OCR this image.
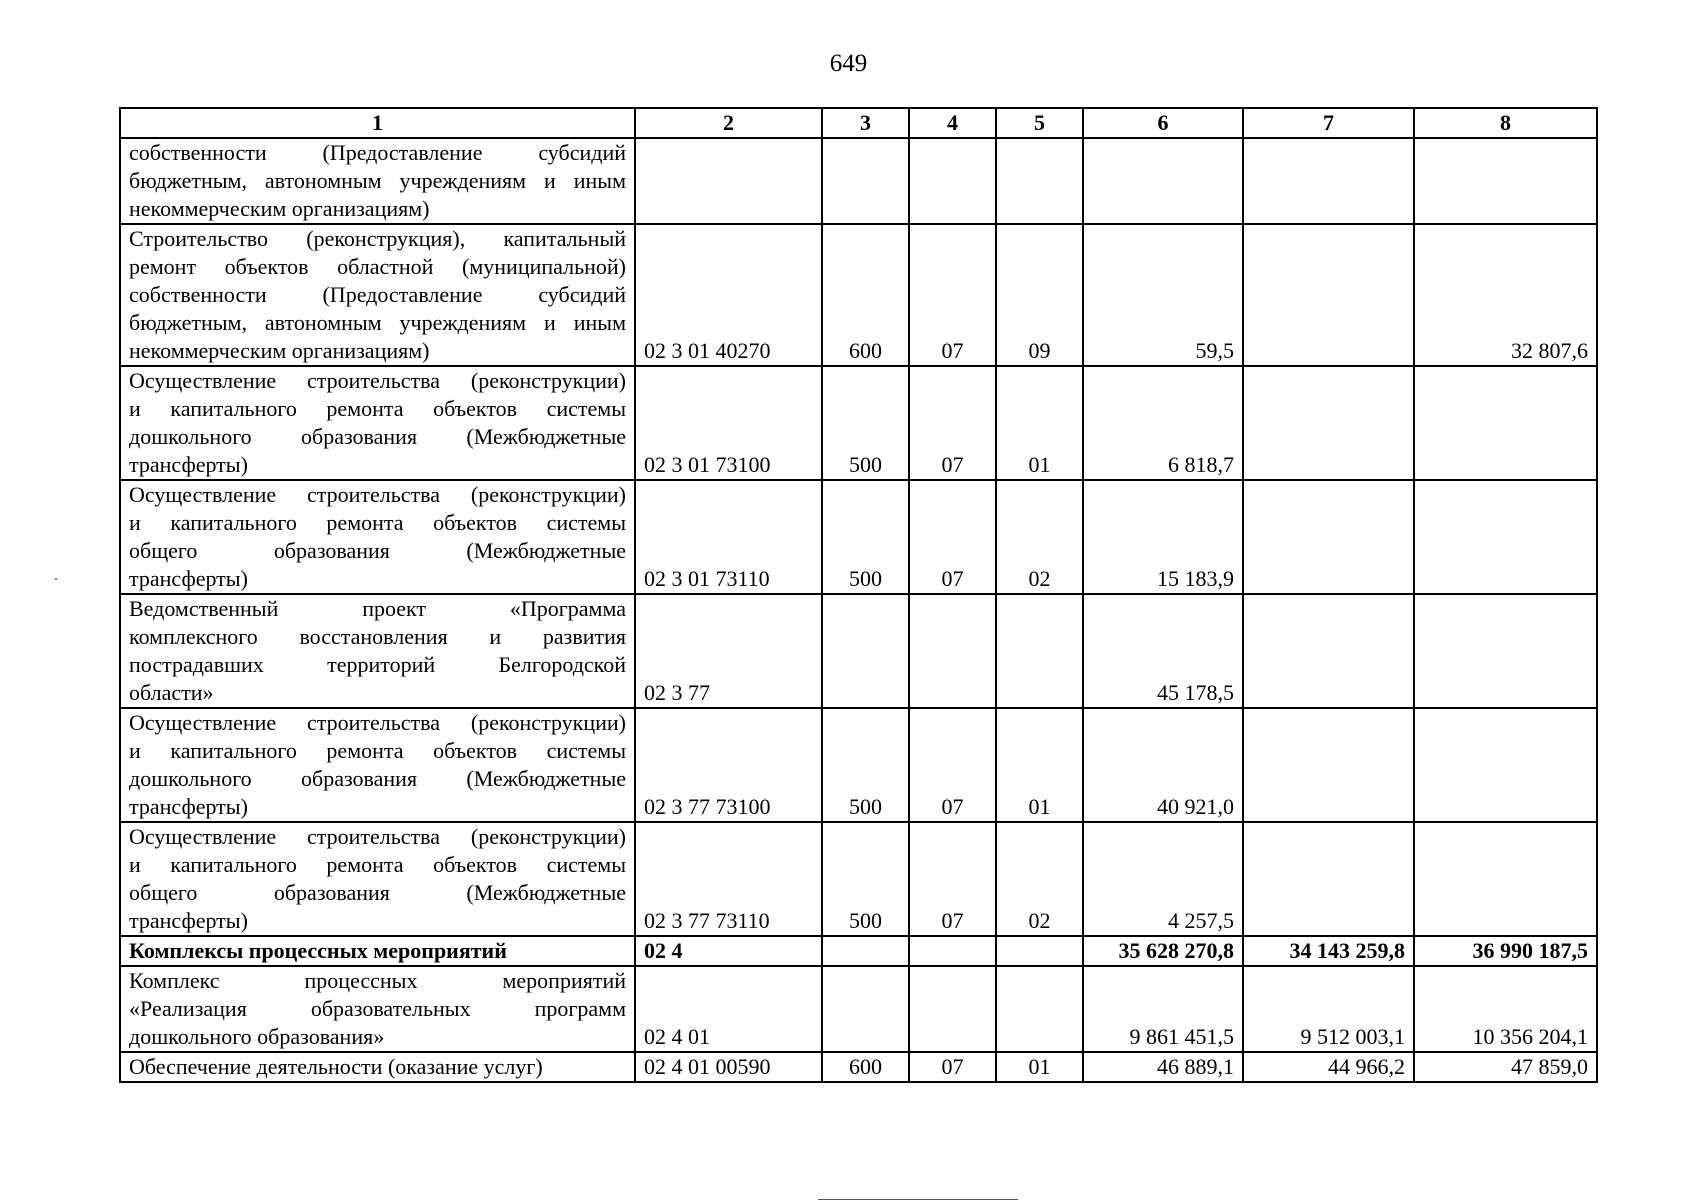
649
1	2	3	4	5	6	7	8

собственности (Предоставление субсидий
бюджетным, автономным учреждениям и иным
некоммерческим организациям)							

Строительство (реконструкция), капитальный
ремонт объектов областной (муниципальной)
собственности (Предоставление субсидий
бюджетным, автономным учреждениям и иным
некоммерческим организациям)	02 3 01 40270	600	07	09	59,5		32 807,6

Осуществление строительства (реконструкции)
и капитального ремонта объектов системы
дошкольного образования (Межбюджетные
трансферты)	02 3 01 73100	500	07	01	6 818,7		

Осуществление строительства (реконструкции)
и капитального ремонта объектов системы
общего образования (Межбюджетные
трансферты)	02 3 01 73110	500	07	02	15 183,9		

Ведомственный проект «Программа
комплексного восстановления и развития
пострадавших территорий Белгородской
области»	02 3 77				45 178,5		

Осуществление строительства (реконструкции)
и капитального ремонта объектов системы
дошкольного образования (Межбюджетные
трансферты)	02 3 77 73100	500	07	01	40 921,0		

Осуществление строительства (реконструкции)
и капитального ремонта объектов системы
общего образования (Межбюджетные
трансферты)	02 3 77 73110	500	07	02	4 257,5		

Комплексы процессных мероприятий	02 4				35 628 270,8	34 143 259,8	36 990 187,5

Комплекс процессных мероприятий
«Реализация образовательных программ
дошкольного образования»	02 4 01				9 861 451,5	9 512 003,1	10 356 204,1

Обеспечение деятельности (оказание услуг)	02 4 01 00590	600	07	01	46 889,1	44 966,2	47 859,0
